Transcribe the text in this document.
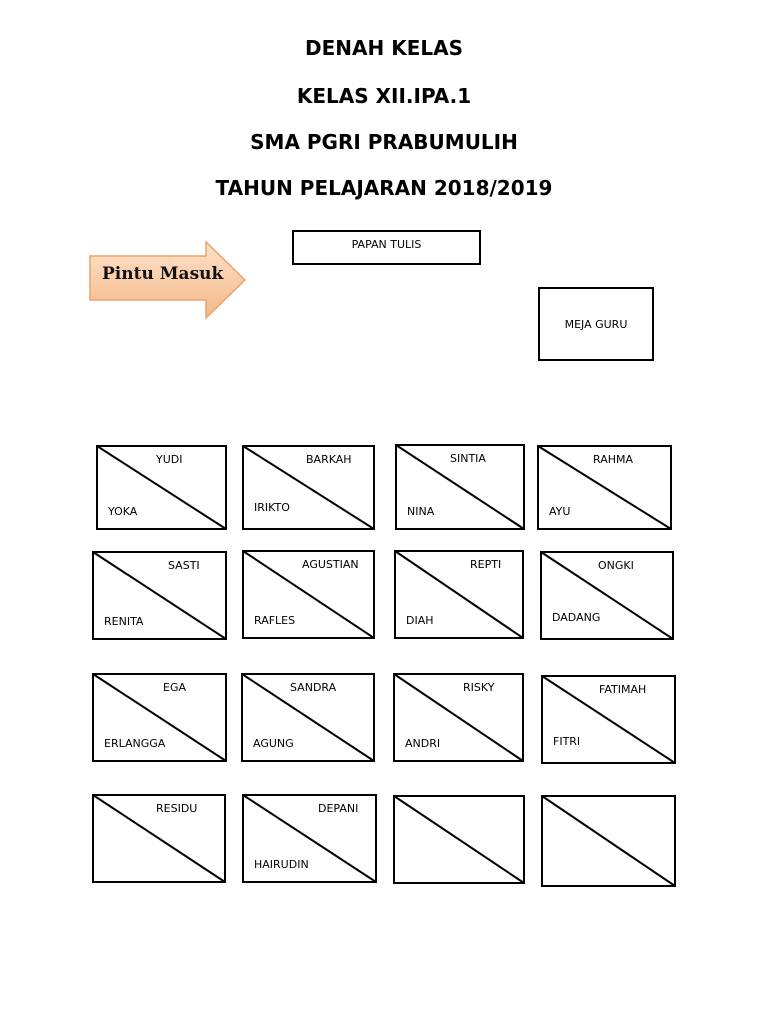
DENAH KELAS
KELAS XII.IPA.1
SMA PGRI PRABUMULIH
TAHUN PELAJARAN 2018/2019
PAPAN TULIS
MEJA GURU
Pintu Masuk
YUDI
YOKA
BARKAH
IRIKTO
SINTIA
NINA
RAHMA
AYU
SASTI
RENITA
AGUSTIAN
RAFLES
REPTI
DIAH
ONGKI
DADANG
EGA
ERLANGGA
SANDRA
AGUNG
RISKY
ANDRI
FATIMAH
FITRI
RESIDU	DEPANI
HAIRUDIN
